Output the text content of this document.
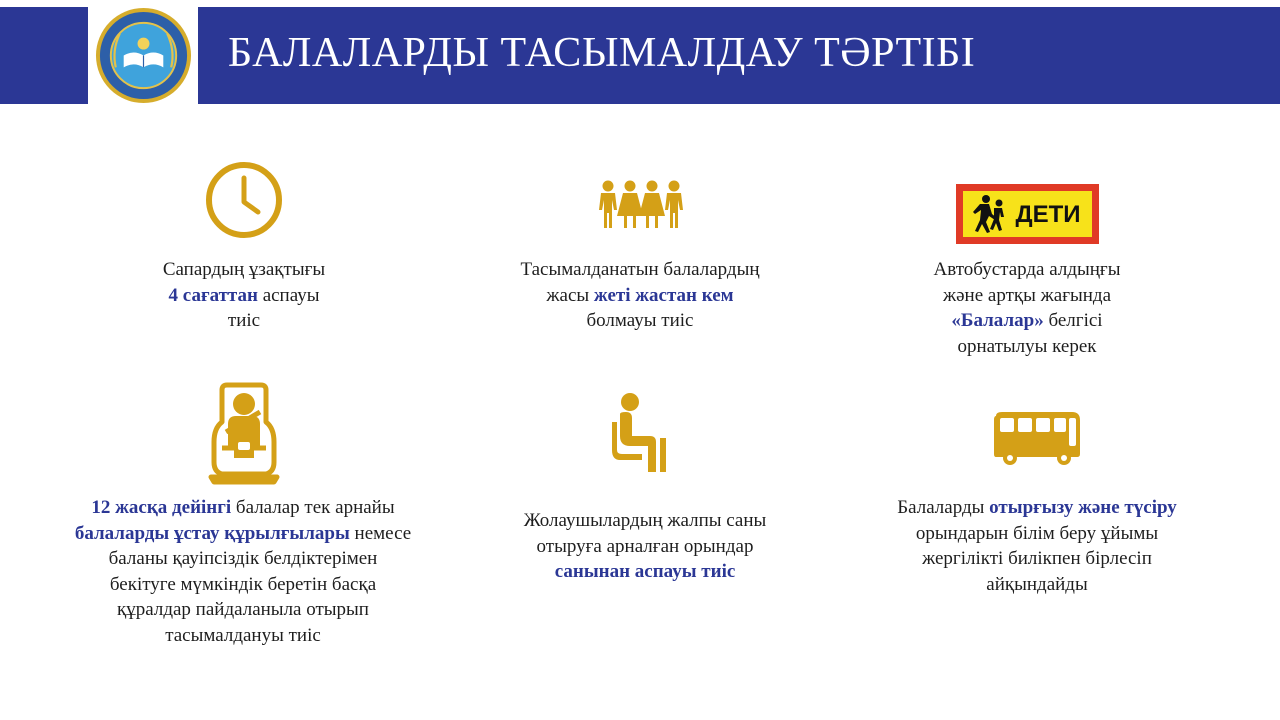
БАЛАЛАРДЫ ТАСЫМАЛДАУ ТӘРТІБІ
ДЕТИ
Сапардың ұзақтығы
4 сағаттан аспауы
тиіс
Тасымалданатын балалардың
жасы жеті жастан кем
болмауы тиіс
Автобустарда алдыңғы
және артқы жағында
«Балалар» белгісі
орнатылуы керек
12 жасқа дейінгі балалар тек арнайы
балаларды ұстау құрылғылары немесе
баланы қауіпсіздік белдіктерімен
бекітуге мүмкіндік беретін басқа
құралдар пайдаланыла отырып
тасымалдануы тиіс
Жолаушылардың жалпы саны
отыруға арналған орындар
санынан аспауы тиіс
Балаларды отырғызу және түсіру
орындарын білім беру ұйымы
жергілікті билікпен бірлесіп
айқындайды
